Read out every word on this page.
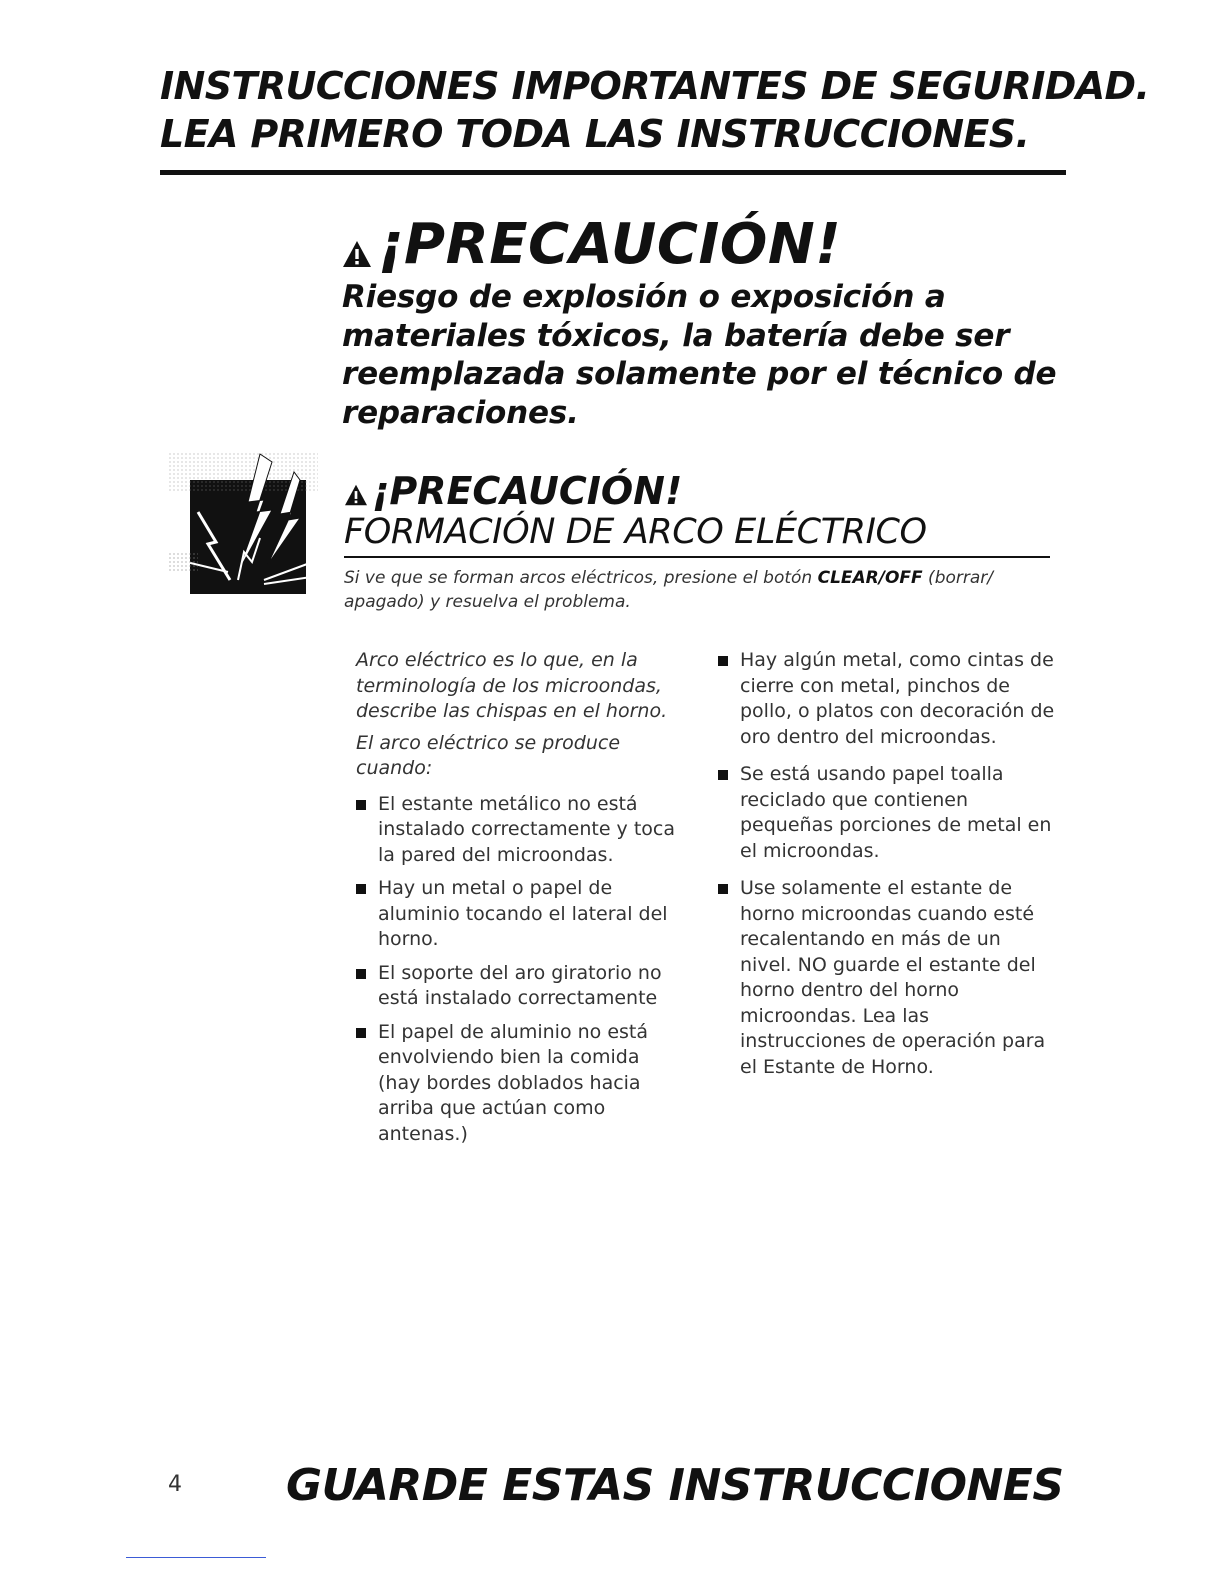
INSTRUCCIONES IMPORTANTES DE SEGURIDAD.
LEA PRIMERO TODA LAS INSTRUCCIONES.
¡PRECAUCIÓN!
Riesgo de explosión o exposición a
materiales tóxicos, la batería debe ser
reemplazada solamente por el técnico de
reparaciones.
¡PRECAUCIÓN!
FORMACIÓN DE ARCO ELÉCTRICO
Si ve que se forman arcos eléctricos, presione el botón CLEAR/OFF (borrar/ apagado) y resuelva el problema.

Arco eléctrico es lo que, en la terminología de los microondas, describe las chispas en el horno.

El arco eléctrico se produce cuando:

El estante metálico no está instalado correctamente y toca la pared del microondas.
Hay un metal o papel de aluminio tocando el lateral del horno.
El soporte del aro giratorio no está instalado correctamente
El papel de aluminio no está envolviendo bien la comida (hay bordes doblados hacia arriba que actúan como antenas.)
Hay algún metal, como cintas de cierre con metal, pinchos de pollo, o platos con decoración de oro dentro del microondas.
Se está usando papel toalla reciclado que contienen pequeñas porciones de metal en el microondas.
Use solamente el estante de horno microondas cuando esté recalentando en más de un nivel. NO guarde el estante del horno dentro del horno microondas. Lea las instrucciones de operación para el Estante de Horno.
4 GUARDE ESTAS INSTRUCCIONES
